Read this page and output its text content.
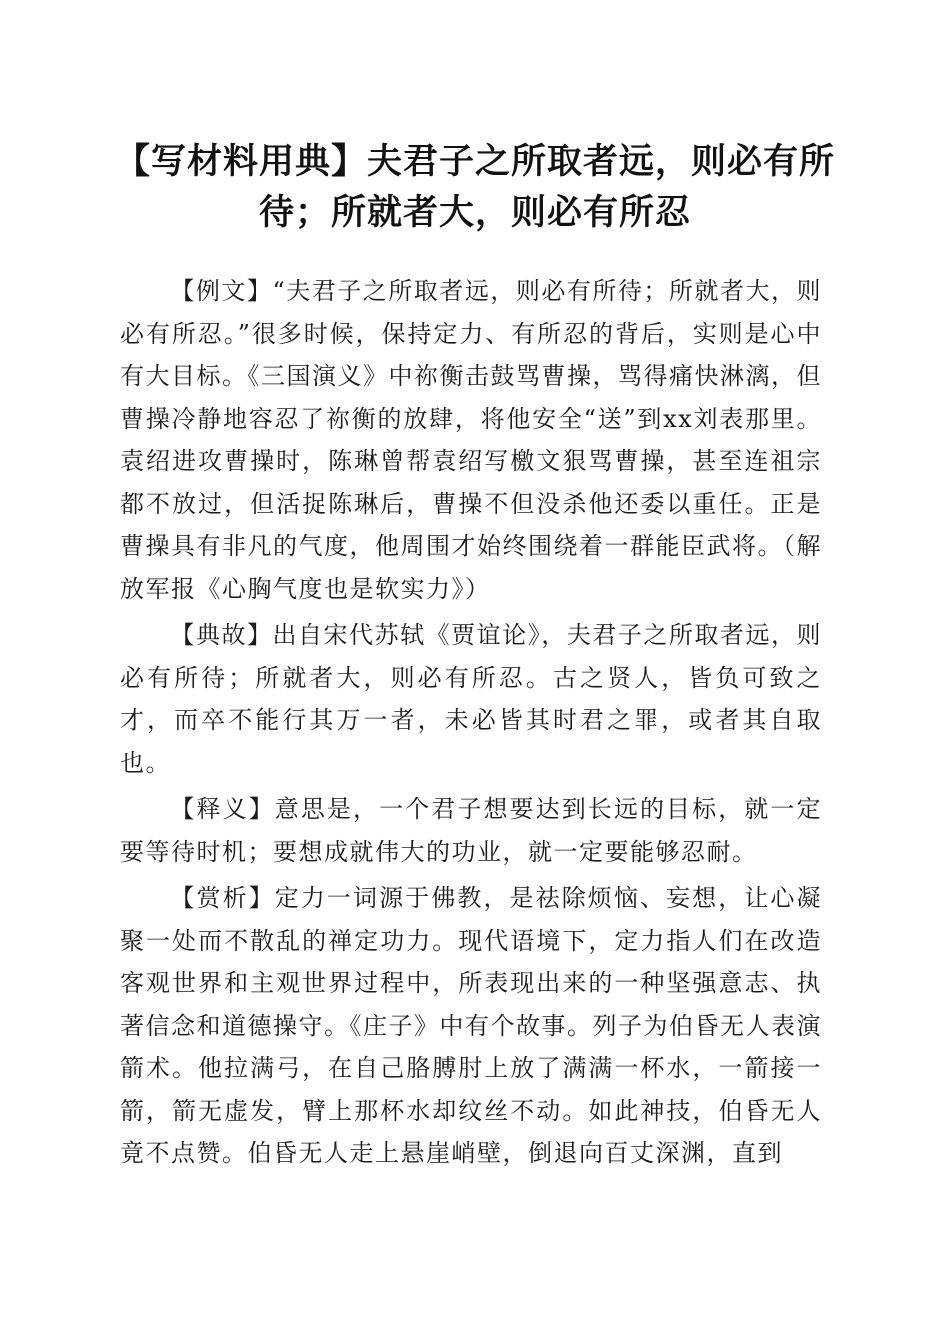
【写材料用典】夫君子之所取者远，则必有所待；所就者大，则必有所忍

【例文】“夫君子之所取者远，则必有所待；所就者大，则必有所忍。”很多时候，保持定力、有所忍的背后，实则是心中有大目标。《三国演义》中祢衡击鼓骂曹操，骂得痛快淋漓，但曹操冷静地容忍了祢衡的放肆，将他安全“送”到xx刘表那里。袁绍进攻曹操时，陈琳曾帮袁绍写檄文狠骂曹操，甚至连祖宗都不放过，但活捉陈琳后，曹操不但没杀他还委以重任。正是曹操具有非凡的气度，他周围才始终围绕着一群能臣武将。（解放军报《心胸气度也是软实力》）

【典故】出自宋代苏轼《贾谊论》，夫君子之所取者远，则必有所待；所就者大，则必有所忍。古之贤人，皆负可致之才，而卒不能行其万一者，未必皆其时君之罪，或者其自取也。

【释义】意思是，一个君子想要达到长远的目标，就一定要等待时机；要想成就伟大的功业，就一定要能够忍耐。

【赏析】定力一词源于佛教，是祛除烦恼、妄想，让心凝聚一处而不散乱的禅定功力。现代语境下，定力指人们在改造客观世界和主观世界过程中，所表现出来的一种坚强意志、执著信念和道德操守。《庄子》中有个故事。列子为伯昏无人表演箭术。他拉满弓，在自己胳膊肘上放了满满一杯水，一箭接一箭，箭无虚发，臂上那杯水却纹丝不动。如此神技，伯昏无人竟不点赞。伯昏无人走上悬崖峭壁，倒退向百丈深渊，直到
